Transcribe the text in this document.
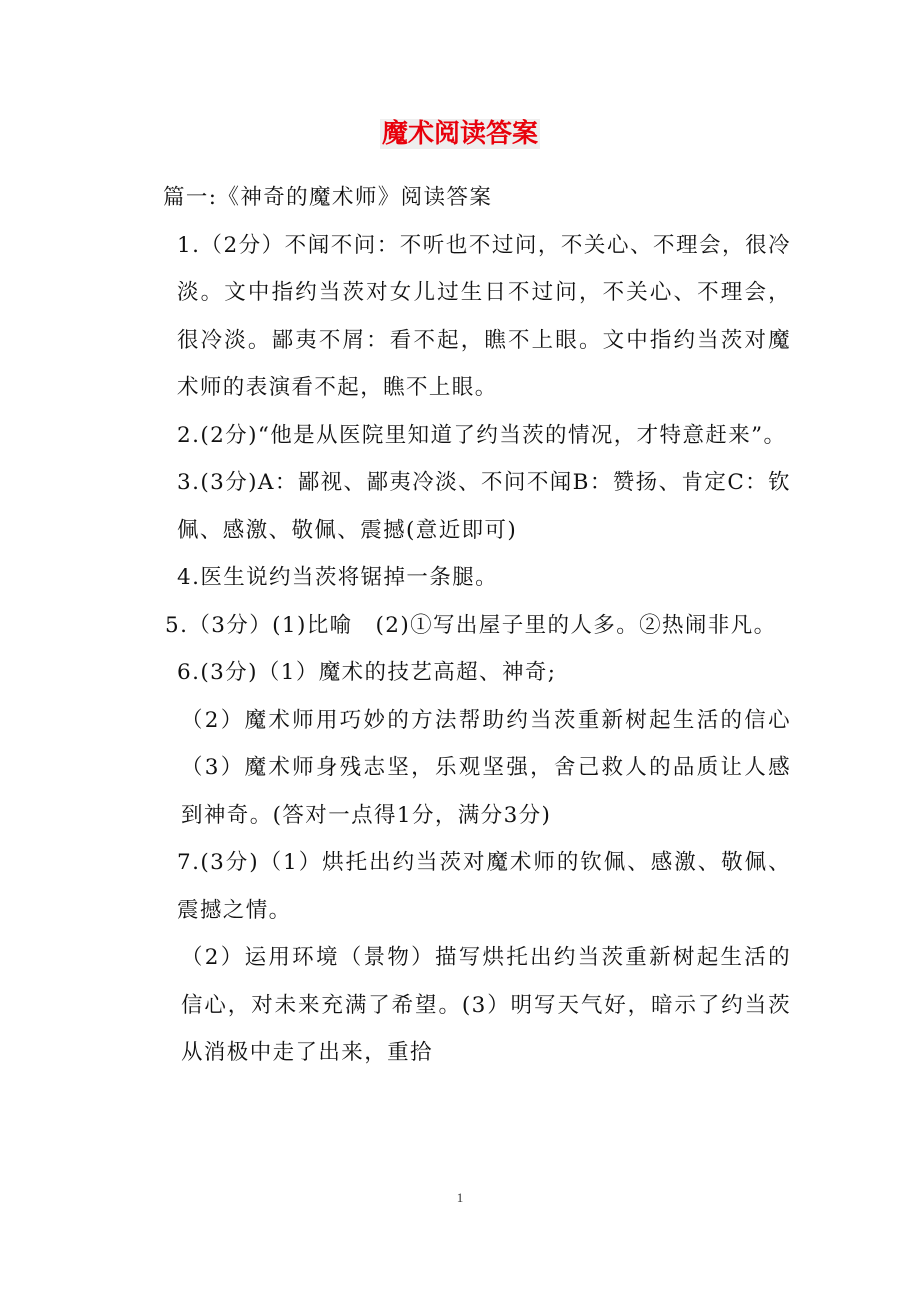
魔术阅读答案

篇一:《神奇的魔术师》阅读答案

1.（2分）不闻不问：不听也不过问，不关心、不理会，很冷淡。文中指约当茨对女儿过生日不过问，不关心、不理会，很冷淡。鄙夷不屑：看不起，瞧不上眼。文中指约当茨对魔术师的表演看不起，瞧不上眼。

2.(2分)“他是从医院里知道了约当茨的情况，才特意赶来”。

3.(3分)A：鄙视、鄙夷冷淡、不问不闻B：赞扬、肯定C：钦佩、感激、敬佩、震撼(意近即可)

4.医生说约当茨将锯掉一条腿。

5.（3分）(1)比喻　(2)①写出屋子里的人多。②热闹非凡。

6.(3分)（1）魔术的技艺高超、神奇;

（2）魔术师用巧妙的方法帮助约当茨重新树起生活的信心（3）魔术师身残志坚，乐观坚强，舍己救人的品质让人感到神奇。(答对一点得1分，满分3分)

7.(3分)（1）烘托出约当茨对魔术师的钦佩、感激、敬佩、震撼之情。

（2）运用环境（景物）描写烘托出约当茨重新树起生活的信心，对未来充满了希望。(3）明写天气好，暗示了约当茨从消极中走了出来，重拾

1
